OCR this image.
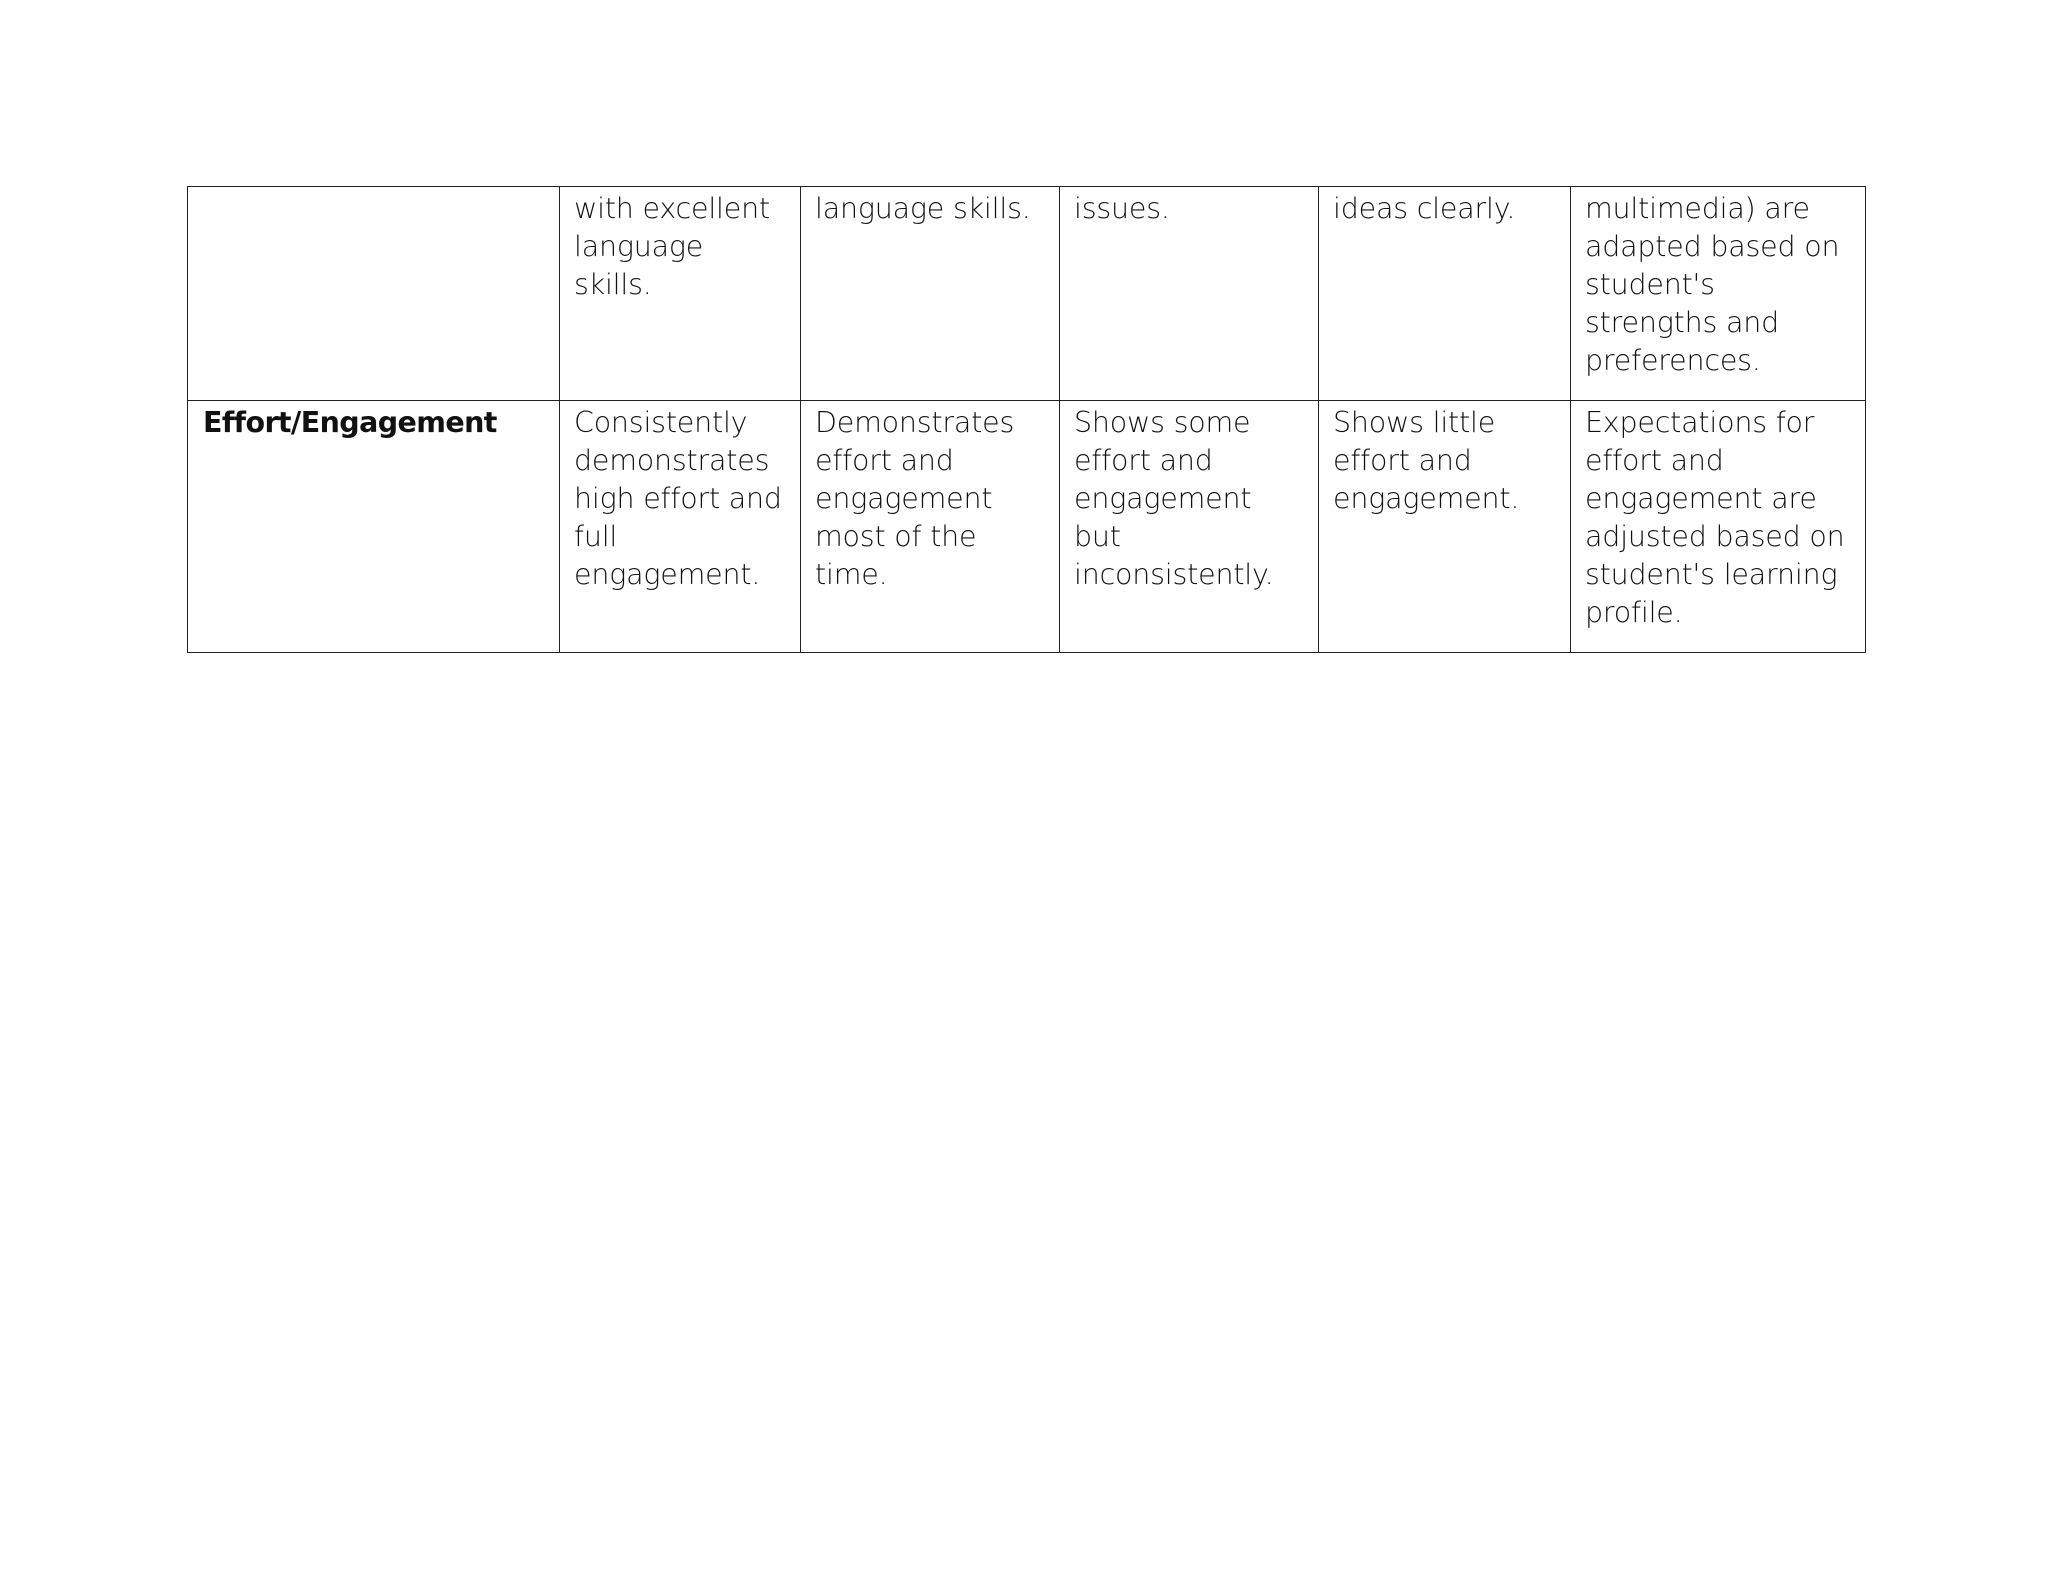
	with excellent language skills.	language skills.	issues.	ideas clearly.	multimedia) are adapted based on student's strengths and preferences.

Effort/Engagement	Consistently demonstrates high effort and full engagement.	Demonstrates effort and engagement most of the time.	Shows some effort and engagement but inconsistently.	Shows little effort and engagement.	Expectations for effort and engagement are adjusted based on student's learning profile.
